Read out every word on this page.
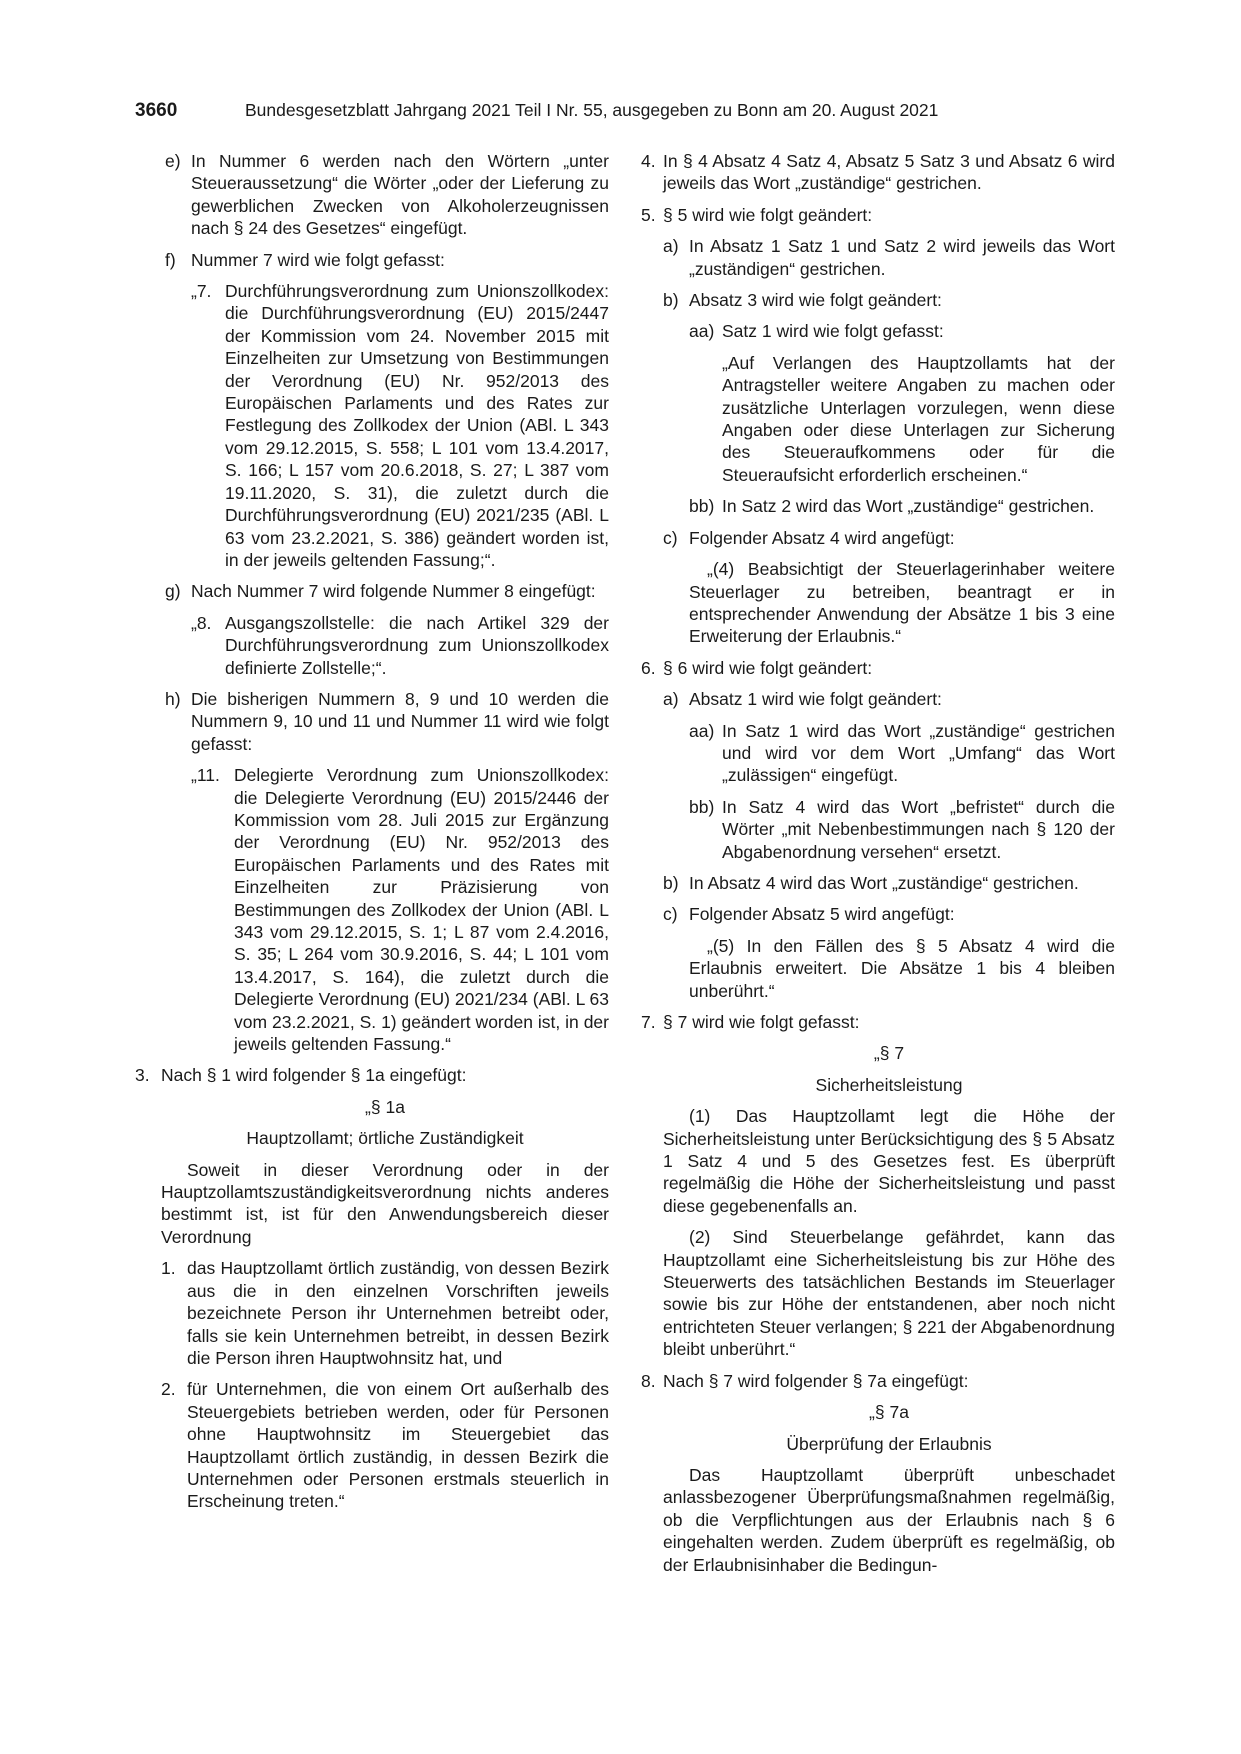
3660	Bundesgesetzblatt Jahrgang 2021 Teil I Nr. 55, ausgegeben zu Bonn am 20. August 2021
e) In Nummer 6 werden nach den Wörtern „unter Steueraussetzung“ die Wörter „oder der Lieferung zu gewerblichen Zwecken von Alkoholerzeugnissen nach § 24 des Gesetzes“ eingefügt.
f) Nummer 7 wird wie folgt gefasst:
„7. Durchführungsverordnung zum Unionszollkodex: die Durchführungsverordnung (EU) 2015/2447 der Kommission vom 24. November 2015 mit Einzelheiten zur Umsetzung von Bestimmungen der Verordnung (EU) Nr. 952/2013 des Europäischen Parlaments und des Rates zur Festlegung des Zollkodex der Union (ABl. L 343 vom 29.12.2015, S. 558; L 101 vom 13.4.2017, S. 166; L 157 vom 20.6.2018, S. 27; L 387 vom 19.11.2020, S. 31), die zuletzt durch die Durchführungsverordnung (EU) 2021/235 (ABl. L 63 vom 23.2.2021, S. 386) geändert worden ist, in der jeweils geltenden Fassung;“.
g) Nach Nummer 7 wird folgende Nummer 8 eingefügt:
„8. Ausgangszollstelle: die nach Artikel 329 der Durchführungsverordnung zum Unionszollkodex definierte Zollstelle;“.
h) Die bisherigen Nummern 8, 9 und 10 werden die Nummern 9, 10 und 11 und Nummer 11 wird wie folgt gefasst:
„11. Delegierte Verordnung zum Unionszollkodex: die Delegierte Verordnung (EU) 2015/2446 der Kommission vom 28. Juli 2015 zur Ergänzung der Verordnung (EU) Nr. 952/2013 des Europäischen Parlaments und des Rates mit Einzelheiten zur Präzisierung von Bestimmungen des Zollkodex der Union (ABl. L 343 vom 29.12.2015, S. 1; L 87 vom 2.4.2016, S. 35; L 264 vom 30.9.2016, S. 44; L 101 vom 13.4.2017, S. 164), die zuletzt durch die Delegierte Verordnung (EU) 2021/234 (ABl. L 63 vom 23.2.2021, S. 1) geändert worden ist, in der jeweils geltenden Fassung.“
3. Nach § 1 wird folgender § 1a eingefügt:
„§ 1a
Hauptzollamt; örtliche Zuständigkeit
Soweit in dieser Verordnung oder in der Hauptzollamtszuständigkeitsverordnung nichts anderes bestimmt ist, ist für den Anwendungsbereich dieser Verordnung
1. das Hauptzollamt örtlich zuständig, von dessen Bezirk aus die in den einzelnen Vorschriften jeweils bezeichnete Person ihr Unternehmen betreibt oder, falls sie kein Unternehmen betreibt, in dessen Bezirk die Person ihren Hauptwohnsitz hat, und
2. für Unternehmen, die von einem Ort außerhalb des Steuergebiets betrieben werden, oder für Personen ohne Hauptwohnsitz im Steuergebiet das Hauptzollamt örtlich zuständig, in dessen Bezirk die Unternehmen oder Personen erstmals steuerlich in Erscheinung treten.“
4. In § 4 Absatz 4 Satz 4, Absatz 5 Satz 3 und Absatz 6 wird jeweils das Wort „zuständige“ gestrichen.
5. § 5 wird wie folgt geändert:
a) In Absatz 1 Satz 1 und Satz 2 wird jeweils das Wort „zuständigen“ gestrichen.
b) Absatz 3 wird wie folgt geändert:
aa) Satz 1 wird wie folgt gefasst:
„Auf Verlangen des Hauptzollamts hat der Antragsteller weitere Angaben zu machen oder zusätzliche Unterlagen vorzulegen, wenn diese Angaben oder diese Unterlagen zur Sicherung des Steueraufkommens oder für die Steueraufsicht erforderlich erscheinen.“
bb) In Satz 2 wird das Wort „zuständige“ gestrichen.
c) Folgender Absatz 4 wird angefügt:
„(4) Beabsichtigt der Steuerlagerinhaber weitere Steuerlager zu betreiben, beantragt er in entsprechender Anwendung der Absätze 1 bis 3 eine Erweiterung der Erlaubnis.“
6. § 6 wird wie folgt geändert:
a) Absatz 1 wird wie folgt geändert:
aa) In Satz 1 wird das Wort „zuständige“ gestrichen und wird vor dem Wort „Umfang“ das Wort „zulässigen“ eingefügt.
bb) In Satz 4 wird das Wort „befristet“ durch die Wörter „mit Nebenbestimmungen nach § 120 der Abgabenordnung versehen“ ersetzt.
b) In Absatz 4 wird das Wort „zuständige“ gestrichen.
c) Folgender Absatz 5 wird angefügt:
„(5) In den Fällen des § 5 Absatz 4 wird die Erlaubnis erweitert. Die Absätze 1 bis 4 bleiben unberührt.“
7. § 7 wird wie folgt gefasst:
„§ 7
Sicherheitsleistung
(1) Das Hauptzollamt legt die Höhe der Sicherheitsleistung unter Berücksichtigung des § 5 Absatz 1 Satz 4 und 5 des Gesetzes fest. Es überprüft regelmäßig die Höhe der Sicherheitsleistung und passt diese gegebenenfalls an.
(2) Sind Steuerbelange gefährdet, kann das Hauptzollamt eine Sicherheitsleistung bis zur Höhe des Steuerwerts des tatsächlichen Bestands im Steuerlager sowie bis zur Höhe der entstandenen, aber noch nicht entrichteten Steuer verlangen; § 221 der Abgabenordnung bleibt unberührt.“
8. Nach § 7 wird folgender § 7a eingefügt:
„§ 7a
Überprüfung der Erlaubnis
Das Hauptzollamt überprüft unbeschadet anlassbezogener Überprüfungsmaßnahmen regelmäßig, ob die Verpflichtungen aus der Erlaubnis nach § 6 eingehalten werden. Zudem überprüft es regelmäßig, ob der Erlaubnisinhaber die Bedingun-
